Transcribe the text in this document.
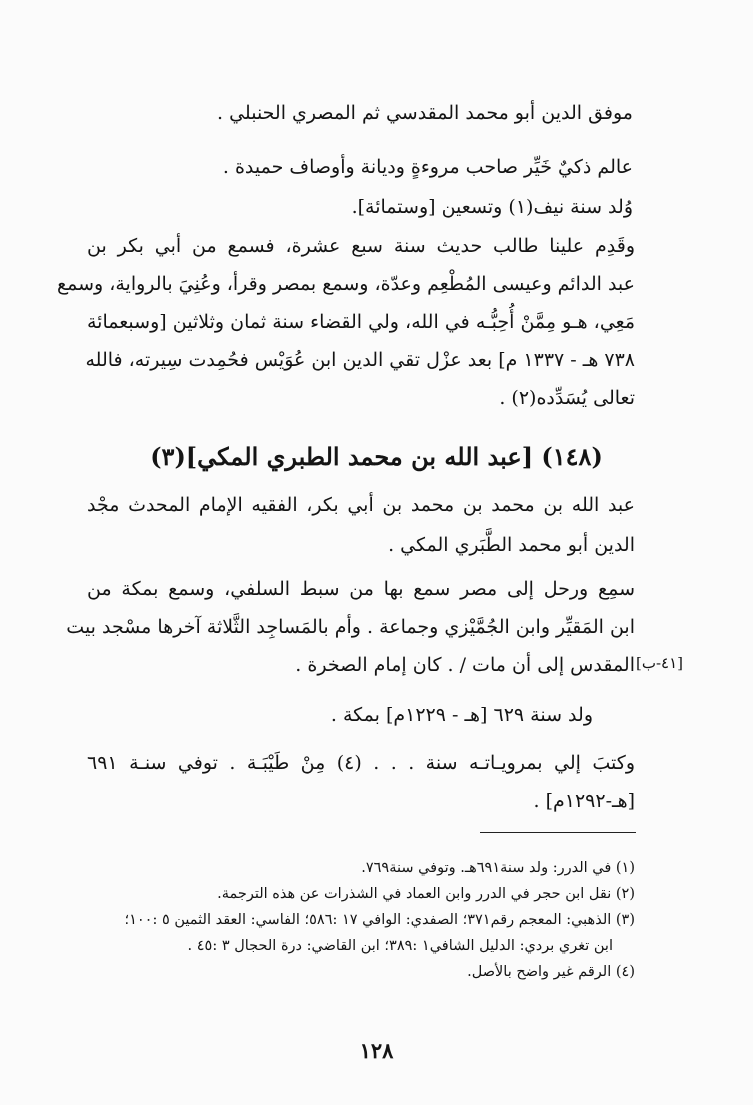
موفق الدين أبو محمد المقدسي ثم المصري الحنبلي .
عالم ذكيٌ خَيِّر صاحب مروءةٍ وديانة وأوصاف حميدة .
وُلد سنة نيف(١) وتسعين [وستمائة].
وقَدِم علينا طالب حديث سنة سبع عشرة، فسمع من أبي بكر بن
عبد الدائم وعيسى المُطْعِم وعدّة، وسمع بمصر وقرأ، وعُنِيَ بالرواية، وسمع
مَعِي، هـو مِمَّنْ أُحِبُّـه في الله، ولي القضاء سنة ثمان وثلاثين [وسبعمائة
٧٣٨ هـ - ١٣٣٧ م] بعد عزْل تقي الدين ابن عُوَيْس فحُمِدت سِيرته، فالله
تعالى يُسَدِّده(٢) .
(١٤٨) [عبد الله بن محمد الطبري المكي](٣)
عبد الله بن محمد بن محمد بن أبي بكر، الفقيه الإمام المحدث مجْد
الدين أبو محمد الطَّبَري المكي .
سمِع ورحل إلى مصر سمع بها من سبط السلفي، وسمع بمكة من
ابن المَقيِّر وابن الجُمَّيْزي وجماعة . وأم بالمَساجِد الثَّلاثة آخرها مسْجد بيت
المقدس إلى أن مات / . كان إمام الصخرة . [٤١-ب]
ولد سنة ٦٢٩ [هـ - ١٢٢٩م] بمكة .
وكتبَ إلي بمرويـاتـه سنة . . . (٤) مِنْ طَيْبَـة . توفي سنـة ٦٩١
[هـ-١٢٩٢م] .
(١) في الدرر: ولد سنة٦٩١هـ. وتوفي سنة٧٦٩.
(٢) نقل ابن حجر في الدرر وابن العماد في الشذرات عن هذه الترجمة.
(٣) الذهبي: المعجم رقم٣٧١؛ الصفدي: الوافي ١٧ :٥٨٦؛ الفاسي: العقد الثمين ٥ :١٠٠؛
ابن تغري بردي: الدليل الشافي١ :٣٨٩؛ ابن القاضي: درة الحجال ٣ :٤٥ .
(٤) الرقم غير واضح بالأصل.
١٢٨
